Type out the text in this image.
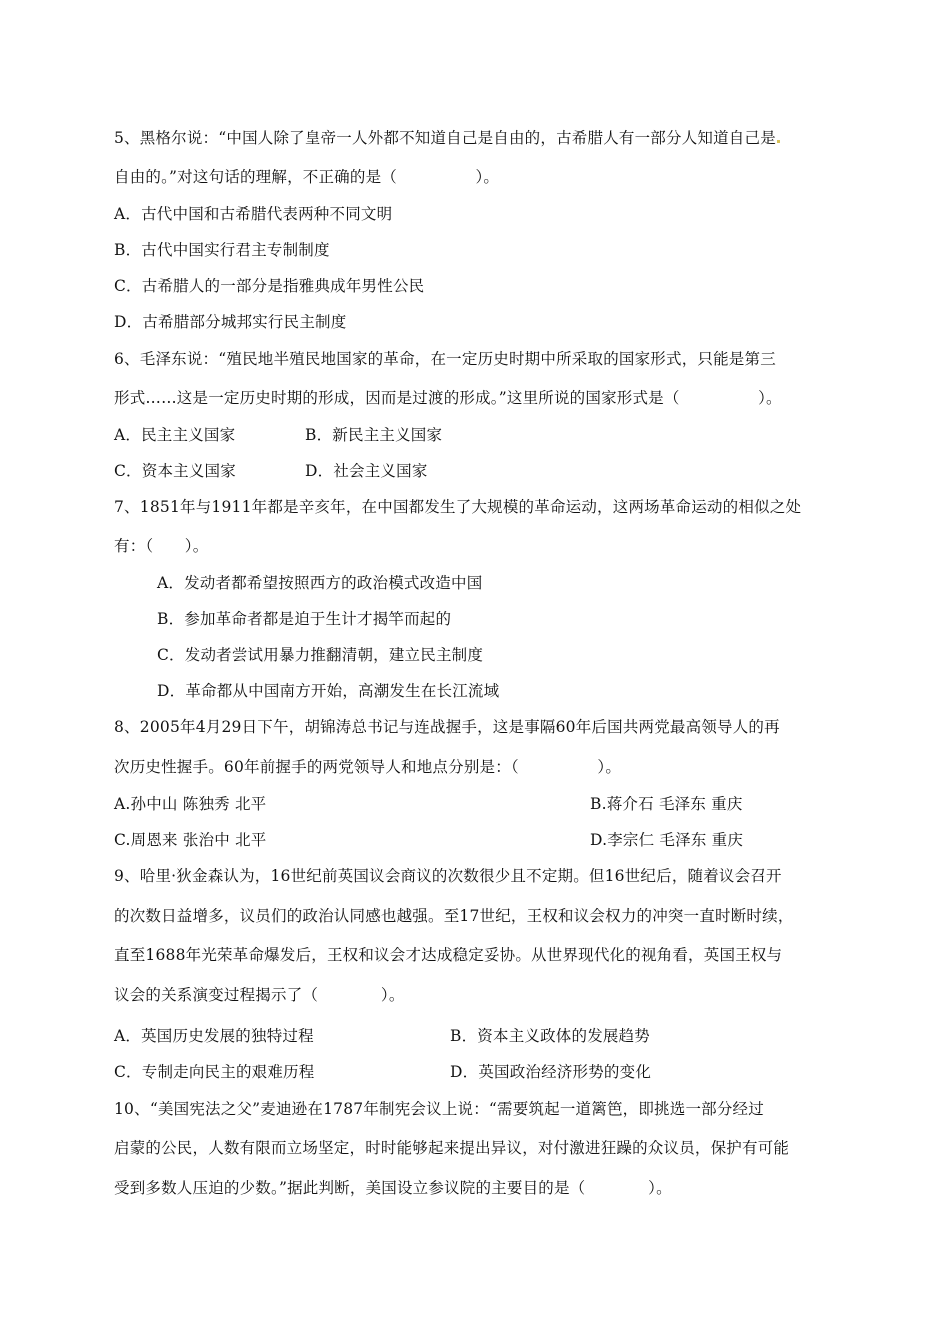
5、黑格尔说：“中国人除了皇帝一人外都不知道自己是自由的，古希腊人有一部分人知道自己是
自由的。”对这句话的理解，不正确的是（　　　　　）。
A．古代中国和古希腊代表两种不同文明
B．古代中国实行君主专制制度
C．古希腊人的一部分是指雅典成年男性公民
D．古希腊部分城邦实行民主制度
6、毛泽东说：“殖民地半殖民地国家的革命，在一定历史时期中所采取的国家形式，只能是第三
形式……这是一定历史时期的形成，因而是过渡的形成。”这里所说的国家形式是（　　　　　）。
A．民主主义国家	B．新民主主义国家
C．资本主义国家	D．社会主义国家
7、1851年与1911年都是辛亥年，在中国都发生了大规模的革命运动，这两场革命运动的相似之处
有：（　　）。
A．发动者都希望按照西方的政治模式改造中国
B．参加革命者都是迫于生计才揭竿而起的
C．发动者尝试用暴力推翻清朝，建立民主制度
D．革命都从中国南方开始，高潮发生在长江流域
8、2005年4月29日下午，胡锦涛总书记与连战握手，这是事隔60年后国共两党最高领导人的再
次历史性握手。60年前握手的两党领导人和地点分别是：（　　　　　）。
A.孙中山 陈独秀 北平	B.蒋介石 毛泽东 重庆
C.周恩来 张治中 北平	D.李宗仁 毛泽东 重庆
9、哈里·狄金森认为，16世纪前英国议会商议的次数很少且不定期。但16世纪后，随着议会召开
的次数日益增多，议员们的政治认同感也越强。至17世纪，王权和议会权力的冲突一直时断时续，
直至1688年光荣革命爆发后，王权和议会才达成稳定妥协。从世界现代化的视角看，英国王权与
议会的关系演变过程揭示了（　　　　）。
A．英国历史发展的独特过程	B．资本主义政体的发展趋势
C．专制走向民主的艰难历程	D．英国政治经济形势的变化
10、“美国宪法之父”麦迪逊在1787年制宪会议上说：“需要筑起一道篱笆，即挑选一部分经过
启蒙的公民，人数有限而立场坚定，时时能够起来提出异议，对付激进狂躁的众议员，保护有可能
受到多数人压迫的少数。”据此判断，美国设立参议院的主要目的是（　　　　）。
